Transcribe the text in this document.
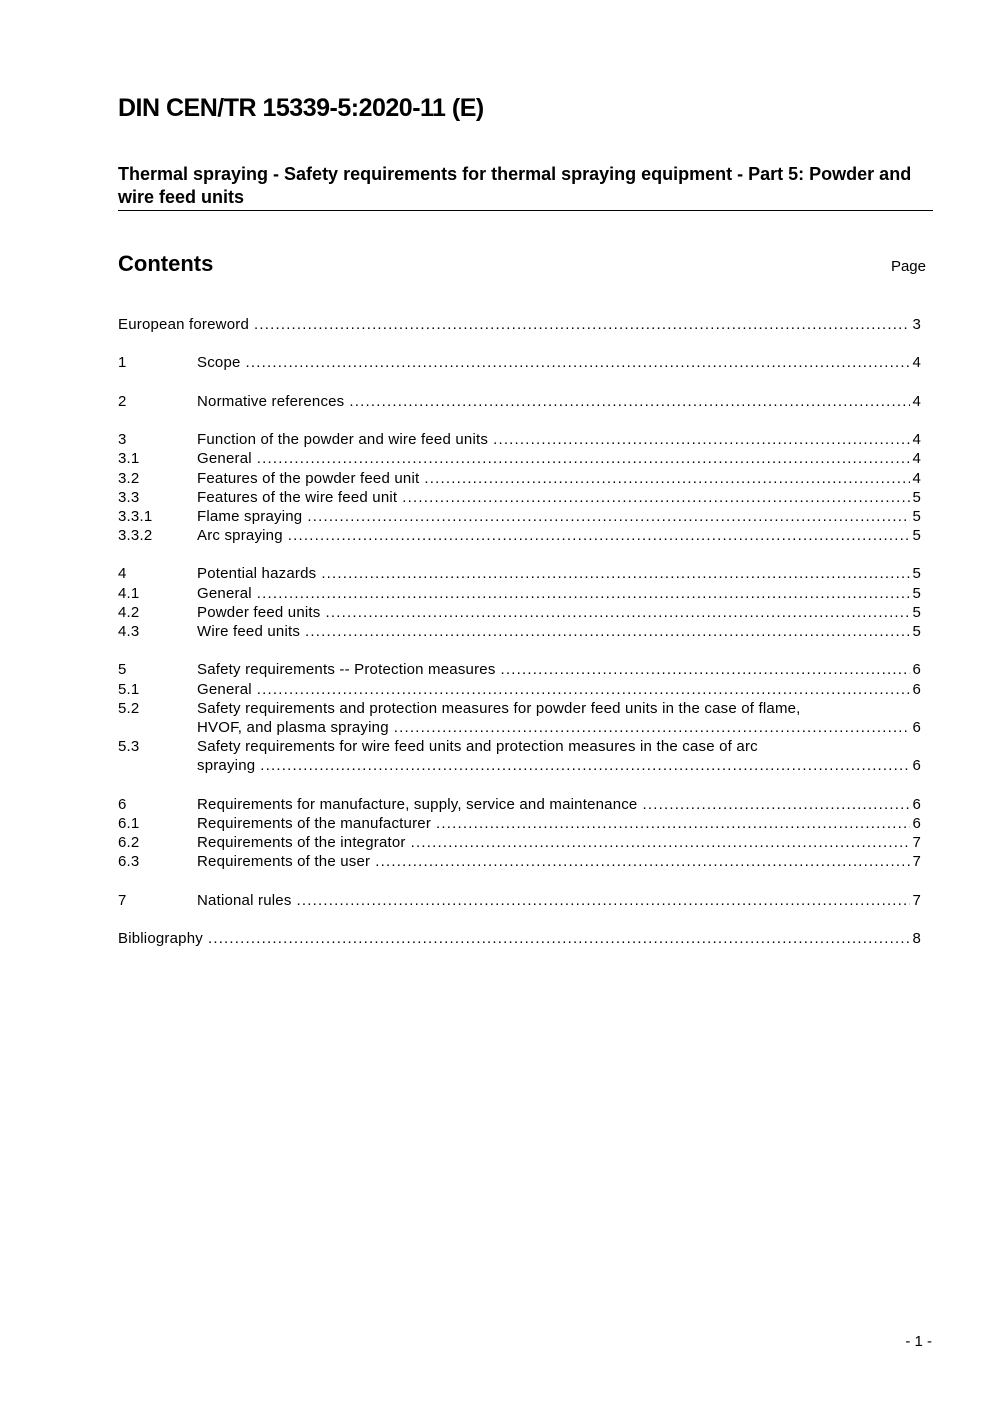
DIN CEN/TR 15339-5:2020-11 (E)
Thermal spraying - Safety requirements for thermal spraying equipment - Part 5: Powder and wire feed units
Contents	Page
European foreword .....	3
1	Scope .....	4
2	Normative references .....	4
3	Function of the powder and wire feed units .....	4
3.1	General .....	4
3.2	Features of the powder feed unit .....	4
3.3	Features of the wire feed unit .....	5
3.3.1	Flame spraying .....	5
3.3.2	Arc spraying .....	5
4	Potential hazards .....	5
4.1	General .....	5
4.2	Powder feed units .....	5
4.3	Wire feed units .....	5
5	Safety requirements -- Protection measures .....	6
5.1	General .....	6
5.2	Safety requirements and protection measures for powder feed units in the case of flame,
HVOF, and plasma spraying .....	6
5.3	Safety requirements for wire feed units and protection measures in the case of arc
spraying .....	6
6	Requirements for manufacture, supply, service and maintenance .....	6
6.1	Requirements of the manufacturer .....	6
6.2	Requirements of the integrator .....	7
6.3	Requirements of the user .....	7
7	National rules .....	7
Bibliography .....	8
- 1 -
